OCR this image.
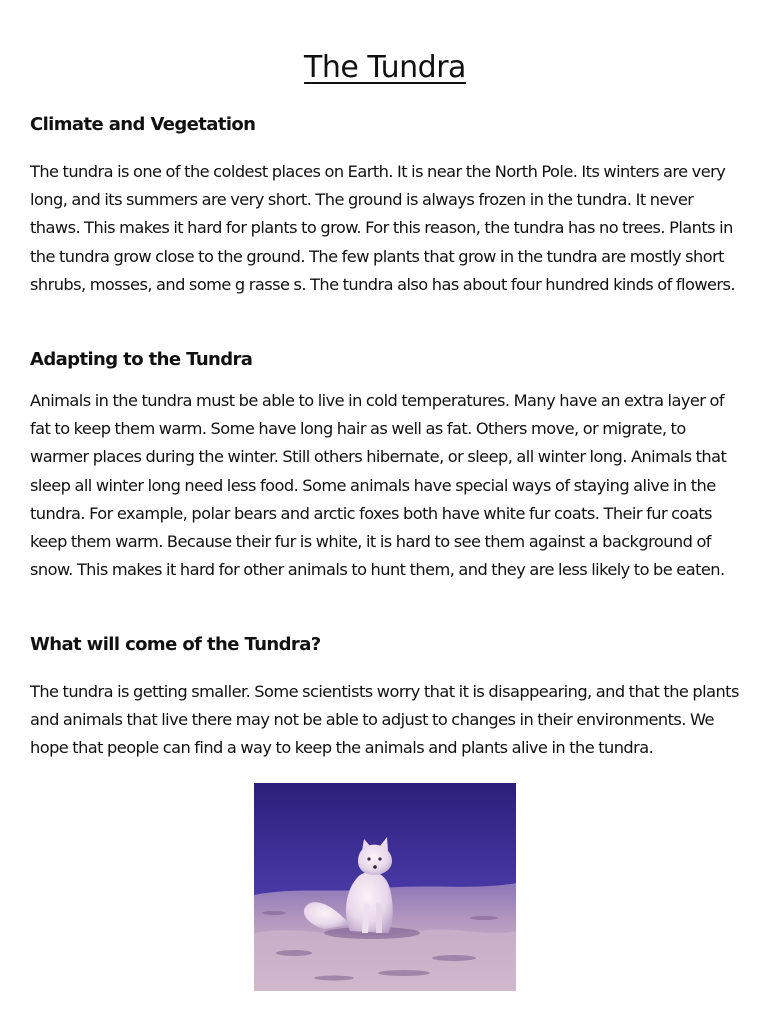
The Tundra
Climate and Vegetation

The tundra is one of the coldest places on Earth. It is near the North Pole. Its winters are very long, and its summers are very short. The ground is always frozen in the tundra. It never thaws. This makes it hard for plants to grow. For this reason, the tundra has no trees. Plants in the tundra grow close to the ground. The few plants that grow in the tundra are mostly short shrubs, mosses, and some g rasse s. The tundra also has about four hundred kinds of flowers.

Adapting to the Tundra

Animals in the tundra must be able to live in cold temperatures. Many have an extra layer of fat to keep them warm. Some have long hair as well as fat. Others move, or migrate, to warmer places during the winter. Still others hibernate, or sleep, all winter long. Animals that sleep all winter long need less food. Some animals have special ways of staying alive in the tundra. For example, polar bears and arctic foxes both have white fur coats. Their fur coats keep them warm. Because their fur is white, it is hard to see them against a background of snow. This makes it hard for other animals to hunt them, and they are less likely to be eaten.

What will come of the Tundra?

The tundra is getting smaller. Some scientists worry that it is disappearing, and that the plants and animals that live there may not be able to adjust to changes in their environments. We hope that people can find a way to keep the animals and plants alive in the tundra.
